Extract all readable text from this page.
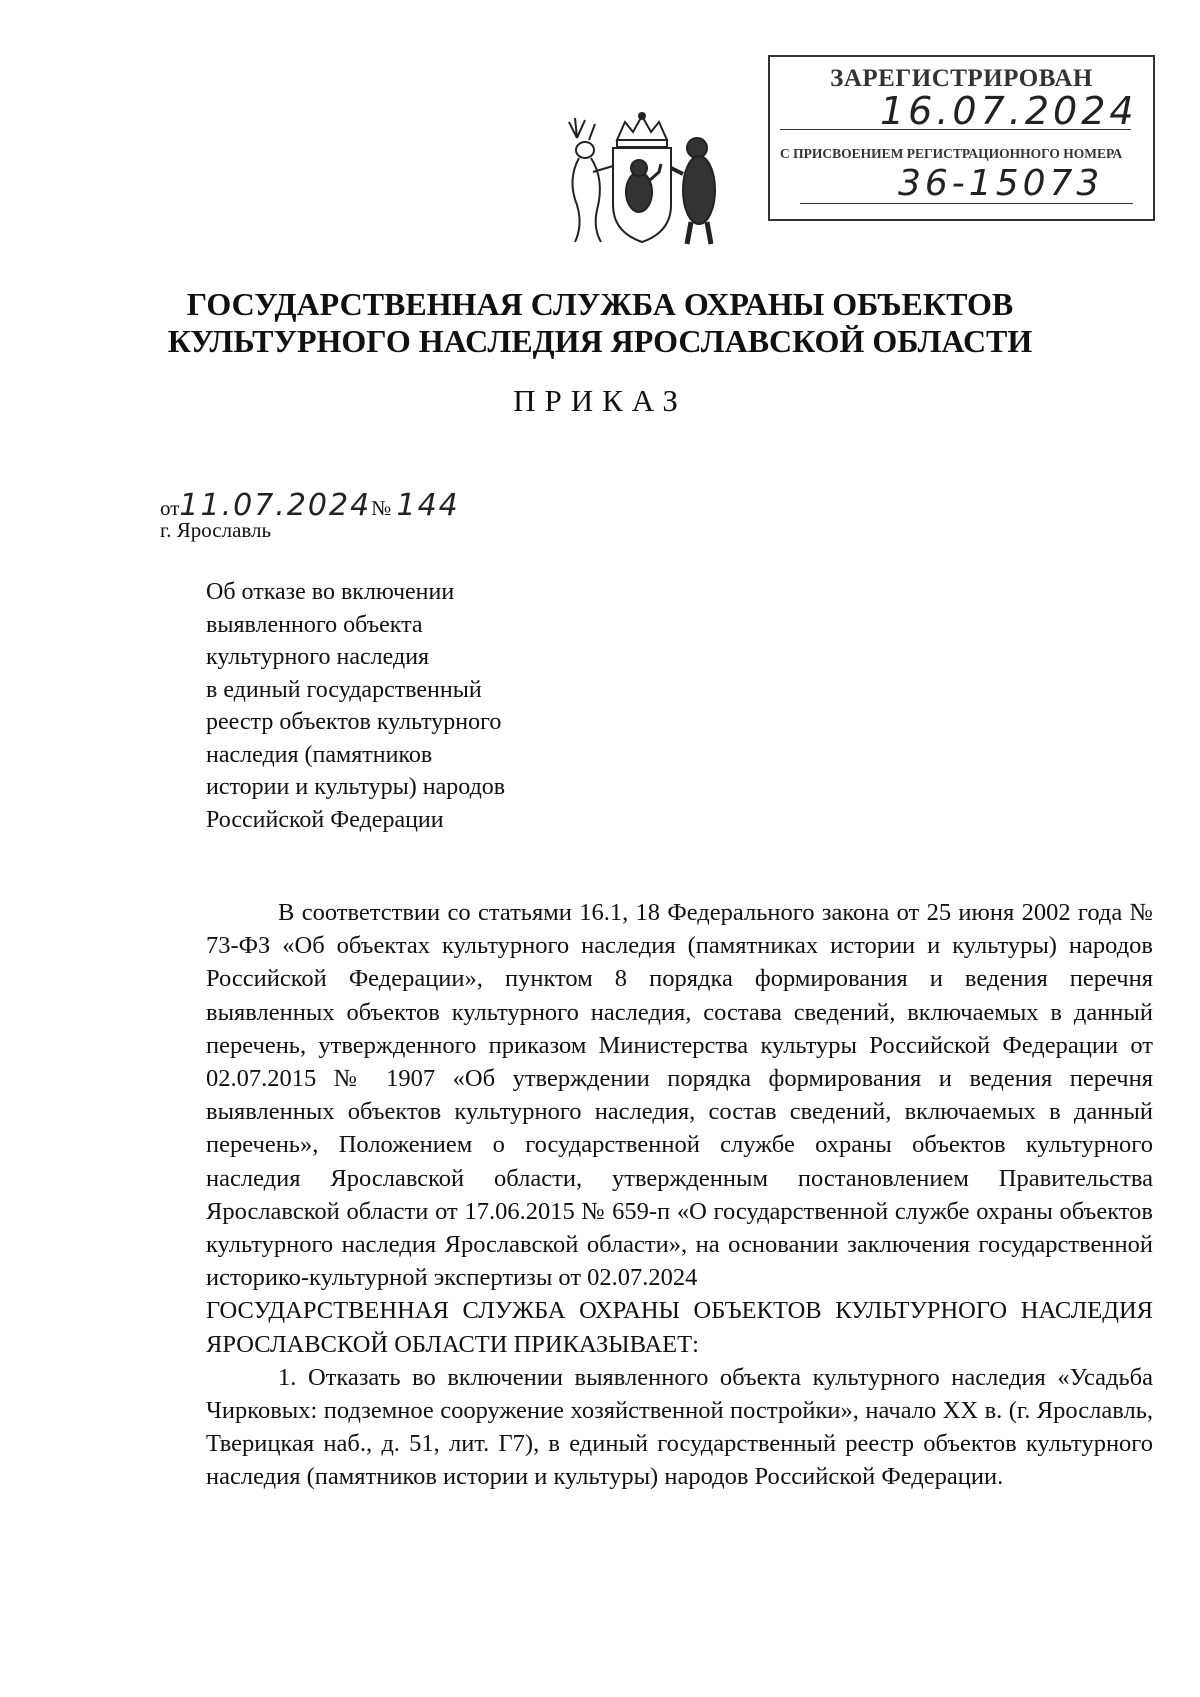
ЗАРЕГИСТРИРОВАН
16.07.2024
С ПРИСВОЕНИЕМ РЕГИСТРАЦИОННОГО НОМЕРА
36-15073
ГОСУДАРСТВЕННАЯ СЛУЖБА ОХРАНЫ ОБЪЕКТОВ
КУЛЬТУРНОГО НАСЛЕДИЯ ЯРОСЛАВСКОЙ ОБЛАСТИ
ПРИКАЗ
от11.07.2024№ 144
г. Ярославль
Об отказе во включении
выявленного объекта
культурного наследия
в единый государственный
реестр объектов культурного
наследия (памятников
истории и культуры) народов
Российской Федерации

В соответствии со статьями 16.1, 18 Федерального закона от 25 июня 2002 года № 73-ФЗ «Об объектах культурного наследия (памятниках истории и культуры) народов Российской Федерации», пунктом 8 порядка формирования и ведения перечня выявленных объектов культурного наследия, состава сведений, включаемых в данный перечень, утвержденного приказом Министерства культуры Российской Федерации от 02.07.2015 № 1907 «Об утверждении порядка формирования и ведения перечня выявленных объектов культурного наследия, состав сведений, включаемых в данный перечень», Положением о государственной службе охраны объектов культурного наследия Ярославской области, утвержденным постановлением Правительства Ярославской области от 17.06.2015 № 659-п «О государственной службе охраны объектов культурного наследия Ярославской области», на основании заключения государственной историко-культурной экспертизы от 02.07.2024

ГОСУДАРСТВЕННАЯ СЛУЖБА ОХРАНЫ ОБЪЕКТОВ КУЛЬТУРНОГО НАСЛЕДИЯ ЯРОСЛАВСКОЙ ОБЛАСТИ ПРИКАЗЫВАЕТ:

1. Отказать во включении выявленного объекта культурного наследия «Усадьба Чирковых: подземное сооружение хозяйственной постройки», начало XX в. (г. Ярославль, Тверицкая наб., д. 51, лит. Г7), в единый государственный реестр объектов культурного наследия (памятников истории и культуры) народов Российской Федерации.
